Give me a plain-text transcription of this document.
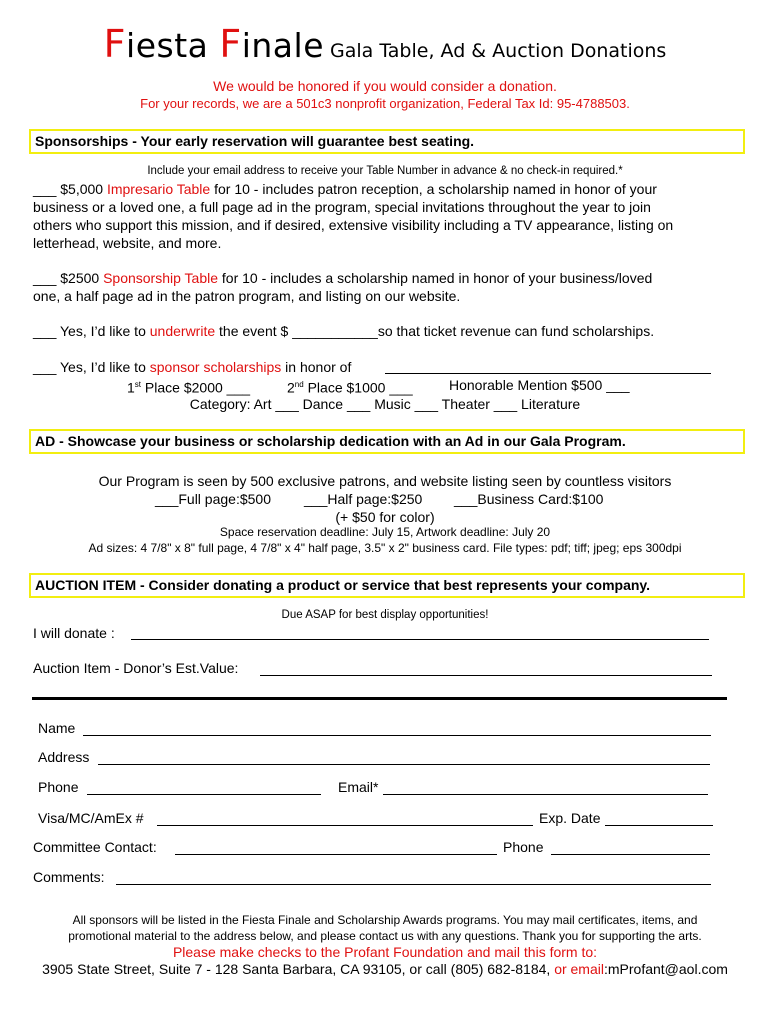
Fiesta Finale Gala Table, Ad & Auction Donations
We would be honored if you would consider a donation.
For your records, we are a 501c3 nonprofit organization, Federal Tax Id: 95-4788503.
Sponsorships - Your early reservation will guarantee best seating.
Include your email address to receive your Table Number in advance & no check-in required.*
___ $5,000 Impresario Table for 10 - includes patron reception, a scholarship named in honor of your
business or a loved one, a full page ad in the program, special invitations throughout the year to join
others who support this mission, and if desired, extensive visibility including a TV appearance, listing on
letterhead, website, and more.
___ $2500 Sponsorship Table for 10 - includes a scholarship named in honor of your business/loved
one, a half page ad in the patron program, and listing on our website.
___ Yes, I’d like to underwrite the event $ ___________so that ticket revenue can fund scholarships.
___ Yes, I’d like to sponsor scholarships in honor of
1st Place $2000 ___	2nd Place $1000 ___	Honorable Mention $500 ___
Category: Art ___ Dance ___ Music ___ Theater ___ Literature
AD - Showcase your business or scholarship dedication with an Ad in our Gala Program.
Our Program is seen by 500 exclusive patrons, and website listing seen by countless visitors
___Full page:$500 ___Half page:$250 ___Business Card:$100
(+ $50 for color)
Space reservation deadline: July 15, Artwork deadline: July 20
Ad sizes: 4 7/8" x 8" full page, 4 7/8" x 4" half page, 3.5" x 2" business card. File types: pdf; tiff; jpeg; eps 300dpi
AUCTION ITEM - Consider donating a product or service that best represents your company.
Due ASAP for best display opportunities!
I will donate :
Auction Item - Donor’s Est.Value:
Name
Address
Phone	Email*
Visa/MC/AmEx #	Exp. Date
Committee Contact:	Phone
Comments:
All sponsors will be listed in the Fiesta Finale and Scholarship Awards programs. You may mail certificates, items, and
promotional material to the address below, and please contact us with any questions. Thank you for supporting the arts.
Please make checks to the Profant Foundation and mail this form to:
3905 State Street, Suite 7 - 128 Santa Barbara, CA 93105, or call (805) 682-8184, or email:mProfant@aol.com
